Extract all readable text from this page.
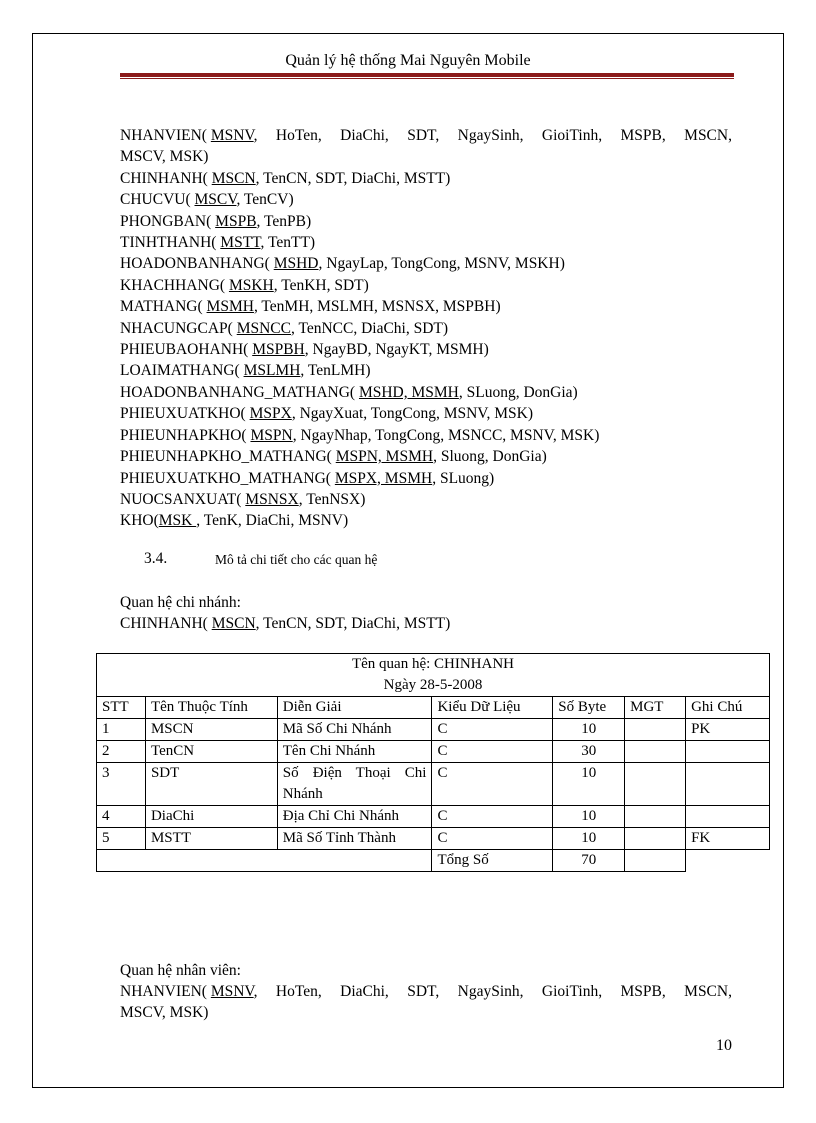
Quản lý hệ thống Mai Nguyên Mobile
NHANVIEN( MSNV, HoTen, DiaChi, SDT, NgaySinh, GioiTinh, MSPB, MSCN,
MSCV, MSK)
CHINHANH( MSCN, TenCN, SDT, DiaChi, MSTT)
CHUCVU( MSCV, TenCV)
PHONGBAN( MSPB, TenPB)
TINHTHANH( MSTT, TenTT)
HOADONBANHANG( MSHD, NgayLap, TongCong, MSNV, MSKH)
KHACHHANG( MSKH, TenKH, SDT)
MATHANG( MSMH, TenMH, MSLMH, MSNSX, MSPBH)
NHACUNGCAP( MSNCC, TenNCC, DiaChi, SDT)
PHIEUBAOHANH( MSPBH, NgayBD, NgayKT, MSMH)
LOAIMATHANG( MSLMH, TenLMH)
HOADONBANHANG_MATHANG( MSHD, MSMH, SLuong, DonGia)
PHIEUXUATKHO( MSPX, NgayXuat, TongCong, MSNV, MSK)
PHIEUNHAPKHO( MSPN, NgayNhap, TongCong, MSNCC, MSNV, MSK)
PHIEUNHAPKHO_MATHANG( MSPN, MSMH, Sluong, DonGia)
PHIEUXUATKHO_MATHANG( MSPX, MSMH, SLuong)
NUOCSANXUAT( MSNSX, TenNSX)
KHO(MSK , TenK, DiaChi, MSNV)
3.4.	Mô tả chi tiết cho các quan hệ
Quan hệ chi nhánh:
CHINHANH( MSCN, TenCN, SDT, DiaChi, MSTT)
Tên quan hệ: CHINHANH
Ngày 28-5-2008						

STT	Tên Thuộc Tính	Diễn Giải	Kiểu Dữ Liệu	Số Byte	MGT	Ghi Chú
1	MSCN	Mã Số Chi Nhánh	C	10		PK
2	TenCN	Tên Chi Nhánh	C	30		
3	SDT	Số Điện Thoại Chi Nhánh	C	10		
4	DiaChi	Địa Chỉ Chi Nhánh	C	10		
5	MSTT	Mã Số Tỉnh Thành	C	10		FK
			Tổng Số	70		
Quan hệ nhân viên:
NHANVIEN( MSNV, HoTen, DiaChi, SDT, NgaySinh, GioiTinh, MSPB, MSCN,
MSCV, MSK)
10
